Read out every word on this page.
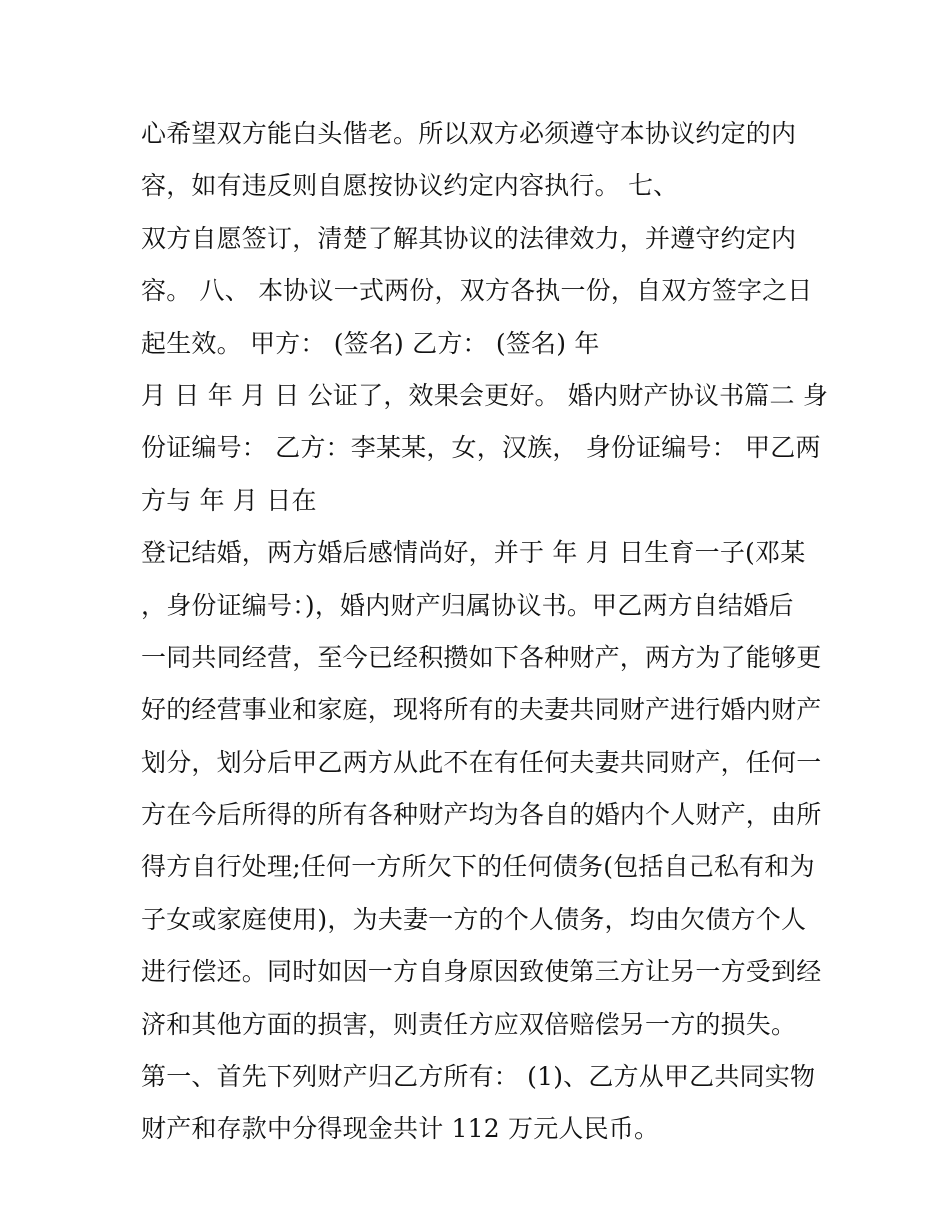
心希望双方能白头偕老。所以双方必须遵守本协议约定的内
容，如有违反则自愿按协议约定内容执行。 七、
双方自愿签订，清楚了解其协议的法律效力，并遵守约定内
容。 八、 本协议一式两份，双方各执一份，自双方签字之日
起生效。 甲方： (签名) 乙方： (签名) 年
月 日 年 月 日 公证了，效果会更好。 婚内财产协议书篇二 身
份证编号： 乙方：李某某，女，汉族， 身份证编号： 甲乙两
方与 年 月 日在
登记结婚，两方婚后感情尚好，并于 年 月 日生育一子(邓某
，身份证编号：)，婚内财产归属协议书。甲乙两方自结婚后
一同共同经营，至今已经积攒如下各种财产，两方为了能够更
好的经营事业和家庭，现将所有的夫妻共同财产进行婚内财产
划分，划分后甲乙两方从此不在有任何夫妻共同财产，任何一
方在今后所得的所有各种财产均为各自的婚内个人财产，由所
得方自行处理;任何一方所欠下的任何债务(包括自己私有和为
子女或家庭使用)，为夫妻一方的个人债务，均由欠债方个人
进行偿还。同时如因一方自身原因致使第三方让另一方受到经
济和其他方面的损害，则责任方应双倍赔偿另一方的损失。
第一、首先下列财产归乙方所有： (1)、乙方从甲乙共同实物
财产和存款中分得现金共计 112 万元人民币。
